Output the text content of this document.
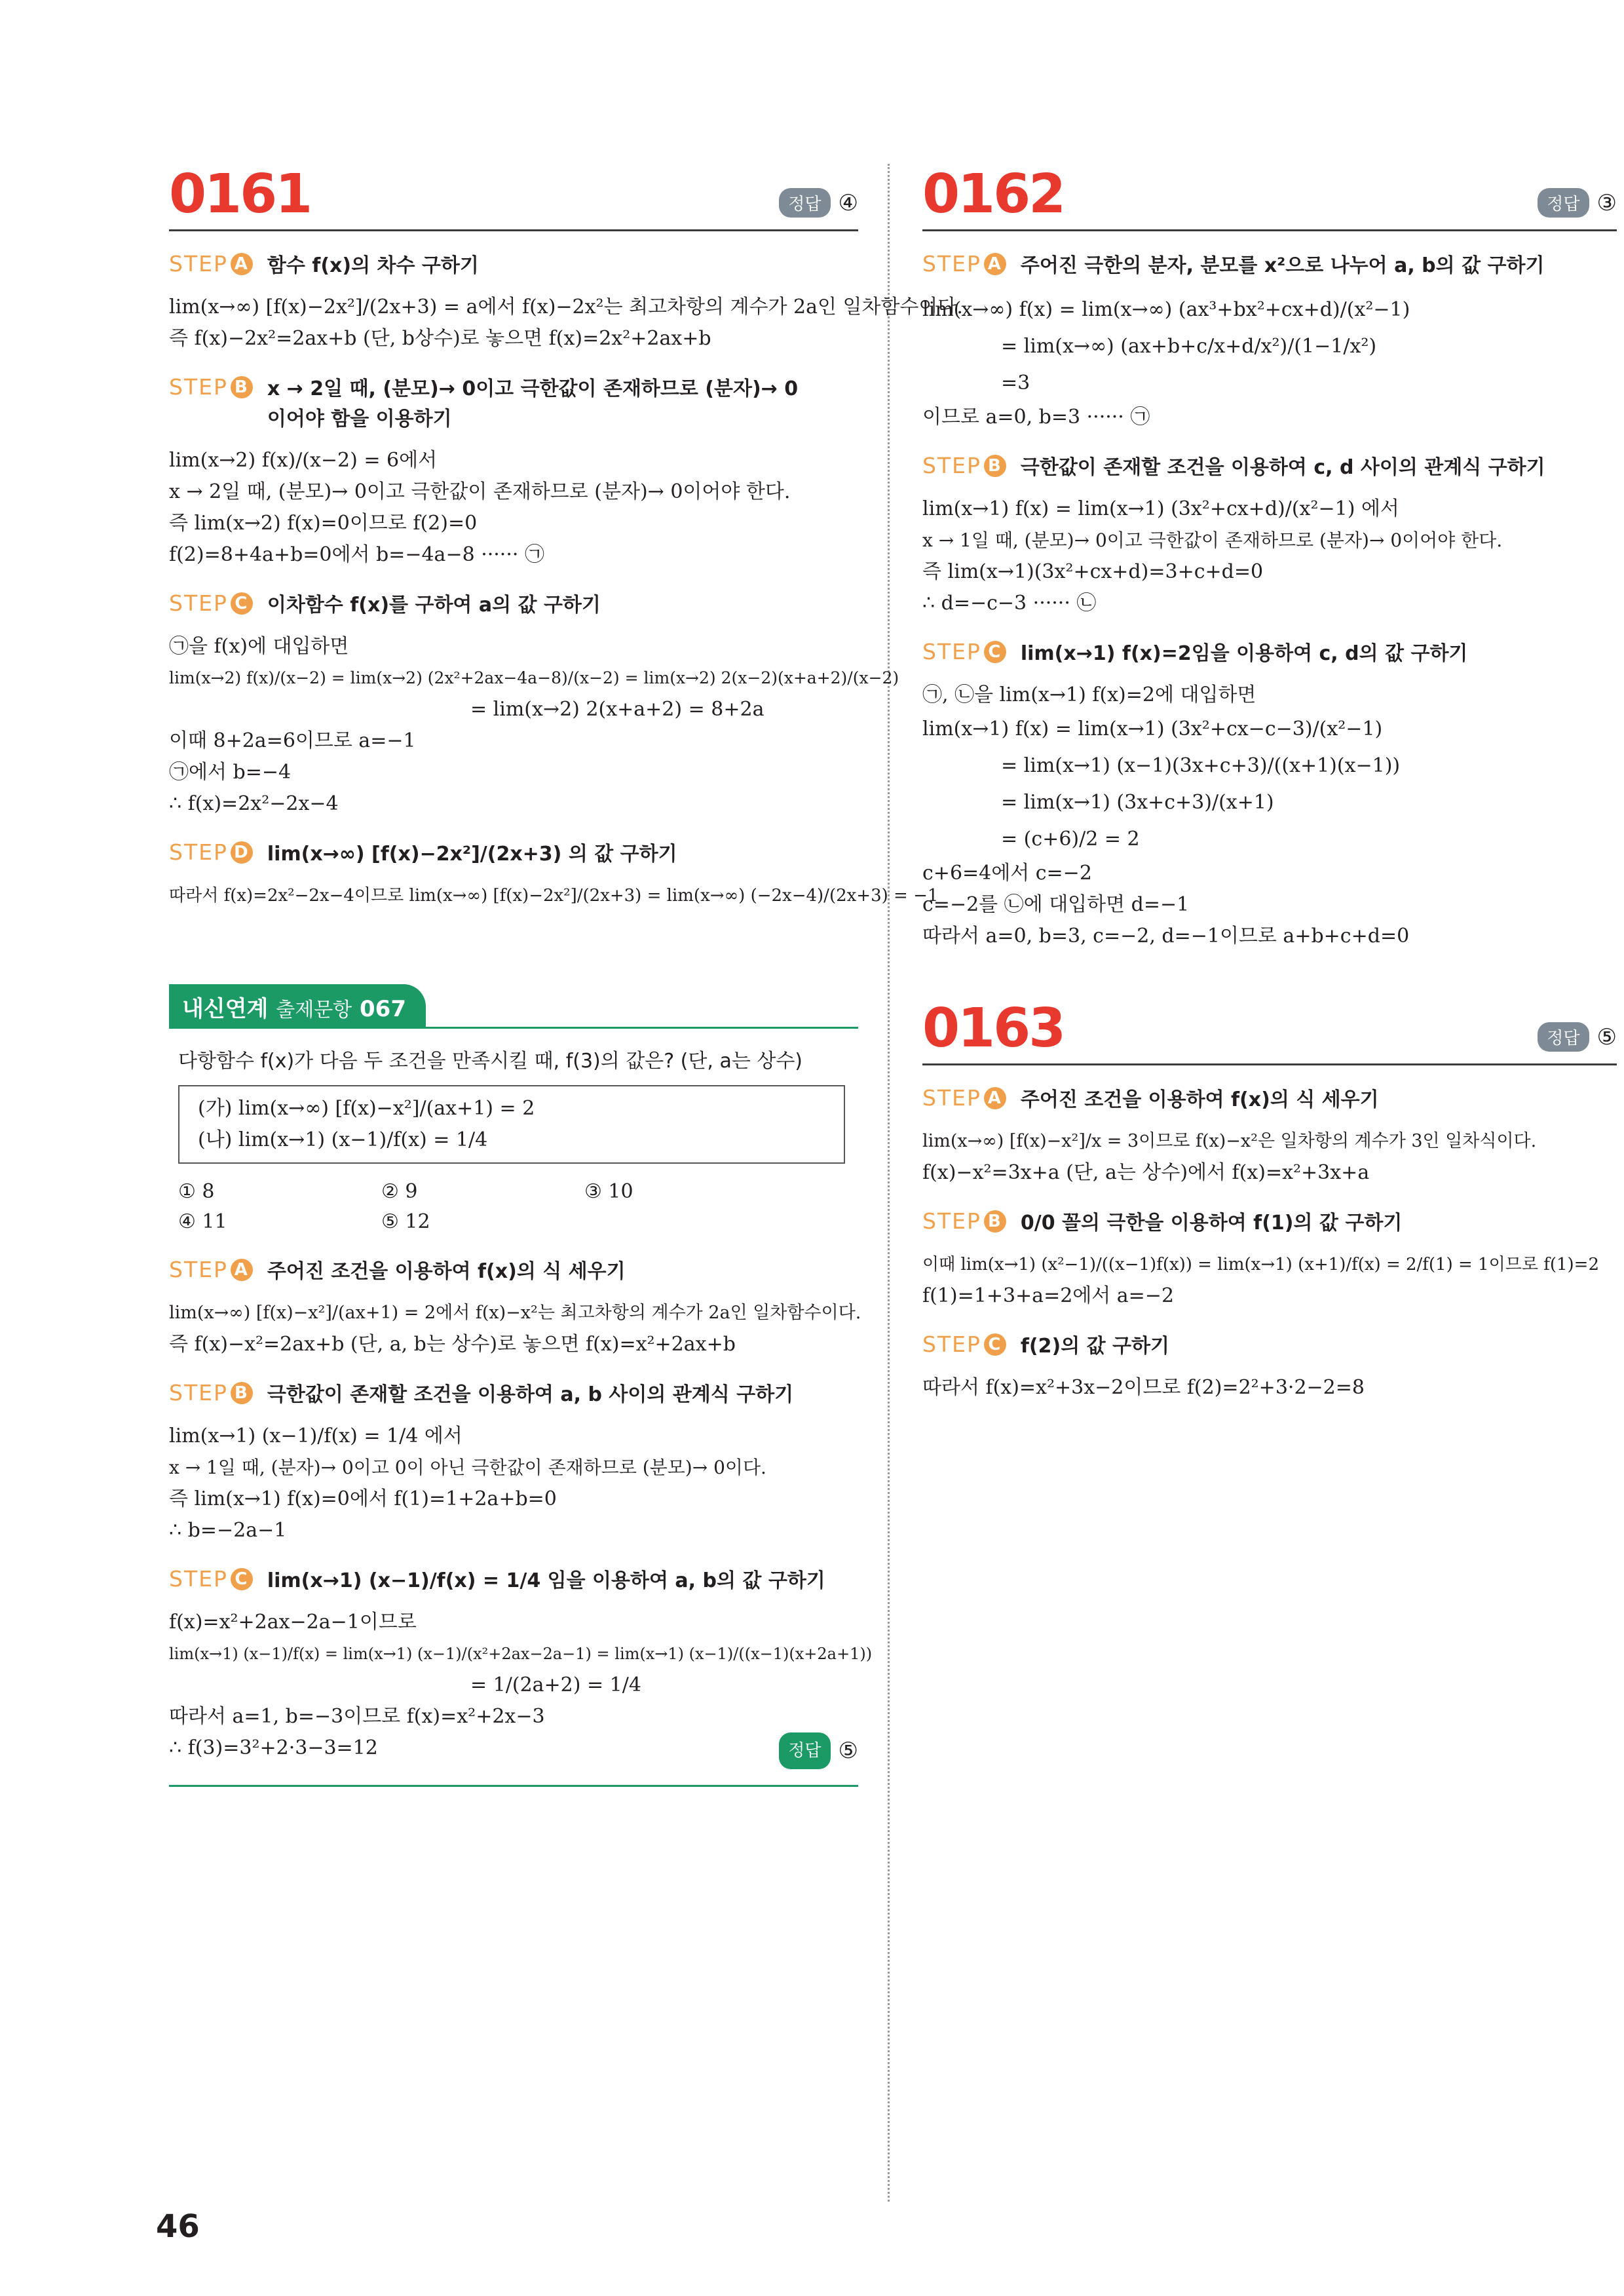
0161	정답 ④
STEP A 함수 f(x)의 차수 구하기
lim(x→∞) [f(x)−2x²]/(2x+3) = a에서 f(x)−2x²는 최고차항의 계수가 2a인 일차함수이다.
즉 f(x)−2x²=2ax+b (단, b상수)로 놓으면 f(x)=2x²+2ax+b
STEP B x → 2일 때, (분모)→ 0이고 극한값이 존재하므로 (분자)→ 0 이어야 함을 이용하기
lim(x→2) f(x)/(x−2) = 6에서
x → 2일 때, (분모)→ 0이고 극한값이 존재하므로 (분자)→ 0이어야 한다.
즉 lim(x→2) f(x)=0이므로 f(2)=0
f(2)=8+4a+b=0에서 b=−4a−8 ······ ㉠
STEP C 이차함수 f(x)를 구하여 a의 값 구하기
㉠을 f(x)에 대입하면
lim(x→2) f(x)/(x−2) = lim(x→2) (2x²+2ax−4a−8)/(x−2) = lim(x→2) 2(x−2)(x+a+2)/(x−2)
= lim(x→2) 2(x+a+2) = 8+2a
이때 8+2a=6이므로 a=−1
㉠에서 b=−4
∴ f(x)=2x²−2x−4
STEP D lim(x→∞) [f(x)−2x²]/(2x+3) 의 값 구하기
따라서 f(x)=2x²−2x−4이므로 lim(x→∞) [f(x)−2x²]/(2x+3) = lim(x→∞) (−2x−4)/(2x+3) = −1
내신연계 출제문항 067
다항함수 f(x)가 다음 두 조건을 만족시킬 때, f(3)의 값은? (단, a는 상수)
(가) lim(x→∞) [f(x)−x²]/(ax+1) = 2
(나) lim(x→1) (x−1)/f(x) = 1/4
① 8	② 9	③ 10
④ 11	⑤ 12
STEP A 주어진 조건을 이용하여 f(x)의 식 세우기
lim(x→∞) [f(x)−x²]/(ax+1) = 2에서 f(x)−x²는 최고차항의 계수가 2a인 일차함수이다.
즉 f(x)−x²=2ax+b (단, a, b는 상수)로 놓으면 f(x)=x²+2ax+b
STEP B 극한값이 존재할 조건을 이용하여 a, b 사이의 관계식 구하기
lim(x→1) (x−1)/f(x) = 1/4 에서
x → 1일 때, (분자)→ 0이고 0이 아닌 극한값이 존재하므로 (분모)→ 0이다.
즉 lim(x→1) f(x)=0에서 f(1)=1+2a+b=0
∴ b=−2a−1
STEP C lim(x→1) (x−1)/f(x) = 1/4 임을 이용하여 a, b의 값 구하기
f(x)=x²+2ax−2a−1이므로
lim(x→1) (x−1)/f(x) = lim(x→1) (x−1)/(x²+2ax−2a−1) = lim(x→1) (x−1)/((x−1)(x+2a+1))
= 1/(2a+2) = 1/4
따라서 a=1, b=−3이므로 f(x)=x²+2x−3
∴ f(3)=3²+2·3−3=12	정답 ⑤
0162	정답 ③
STEP A 주어진 극한의 분자, 분모를 x²으로 나누어 a, b의 값 구하기
lim(x→∞) f(x) = lim(x→∞) (ax³+bx²+cx+d)/(x²−1)
= lim(x→∞) (ax+b+c/x+d/x²)/(1−1/x²)
=3
이므로 a=0, b=3 ······ ㉠
STEP B 극한값이 존재할 조건을 이용하여 c, d 사이의 관계식 구하기
lim(x→1) f(x) = lim(x→1) (3x²+cx+d)/(x²−1) 에서
x → 1일 때, (분모)→ 0이고 극한값이 존재하므로 (분자)→ 0이어야 한다.
즉 lim(x→1)(3x²+cx+d)=3+c+d=0
∴ d=−c−3 ······ ㉡
STEP C lim(x→1) f(x)=2임을 이용하여 c, d의 값 구하기
㉠, ㉡을 lim(x→1) f(x)=2에 대입하면
lim(x→1) f(x) = lim(x→1) (3x²+cx−c−3)/(x²−1)
= lim(x→1) (x−1)(3x+c+3)/((x+1)(x−1))
= lim(x→1) (3x+c+3)/(x+1)
= (c+6)/2 = 2
c+6=4에서 c=−2
c=−2를 ㉡에 대입하면 d=−1
따라서 a=0, b=3, c=−2, d=−1이므로 a+b+c+d=0
0163	정답 ⑤
STEP A 주어진 조건을 이용하여 f(x)의 식 세우기
lim(x→∞) [f(x)−x²]/x = 3이므로 f(x)−x²은 일차항의 계수가 3인 일차식이다.
f(x)−x²=3x+a (단, a는 상수)에서 f(x)=x²+3x+a
STEP B 0/0 꼴의 극한을 이용하여 f(1)의 값 구하기
이때 lim(x→1) (x²−1)/((x−1)f(x)) = lim(x→1) (x+1)/f(x) = 2/f(1) = 1이므로 f(1)=2
f(1)=1+3+a=2에서 a=−2
STEP C f(2)의 값 구하기
따라서 f(x)=x²+3x−2이므로 f(2)=2²+3·2−2=8
46
